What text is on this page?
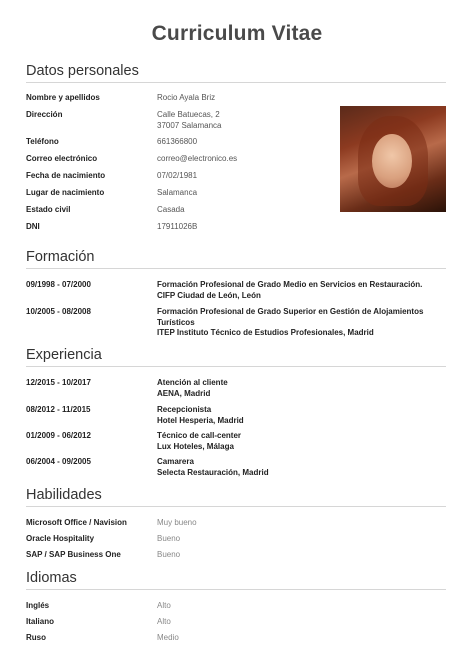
Curriculum Vitae
Datos personales
Nombre y apellidos	Rocio Ayala Briz
Dirección	Calle Batuecas, 2
37007 Salamanca
Teléfono	661366800
Correo electrónico	correo@electronico.es
Fecha de nacimiento	07/02/1981
Lugar de nacimiento	Salamanca
Estado civil	Casada
DNI	17911026B
Formación
09/1998 - 07/2000	Formación Profesional de Grado Medio en Servicios en Restauración.
CIFP Ciudad de León, León
10/2005 - 08/2008	Formación Profesional de Grado Superior en Gestión de Alojamientos
Turísticos
ITEP Instituto Técnico de Estudios Profesionales, Madrid
Experiencia
12/2015 - 10/2017	Atención al cliente
AENA, Madrid
08/2012 - 11/2015	Recepcionista
Hotel Hesperia, Madrid
01/2009 - 06/2012	Técnico de call-center
Lux Hoteles, Málaga
06/2004 - 09/2005	Camarera
Selecta Restauración, Madrid
Habilidades
Microsoft Office / Navision	Muy bueno
Oracle Hospitality	Bueno
SAP / SAP Business One	Bueno
Idiomas
Inglés	Alto
Italiano	Alto
Ruso	Medio
